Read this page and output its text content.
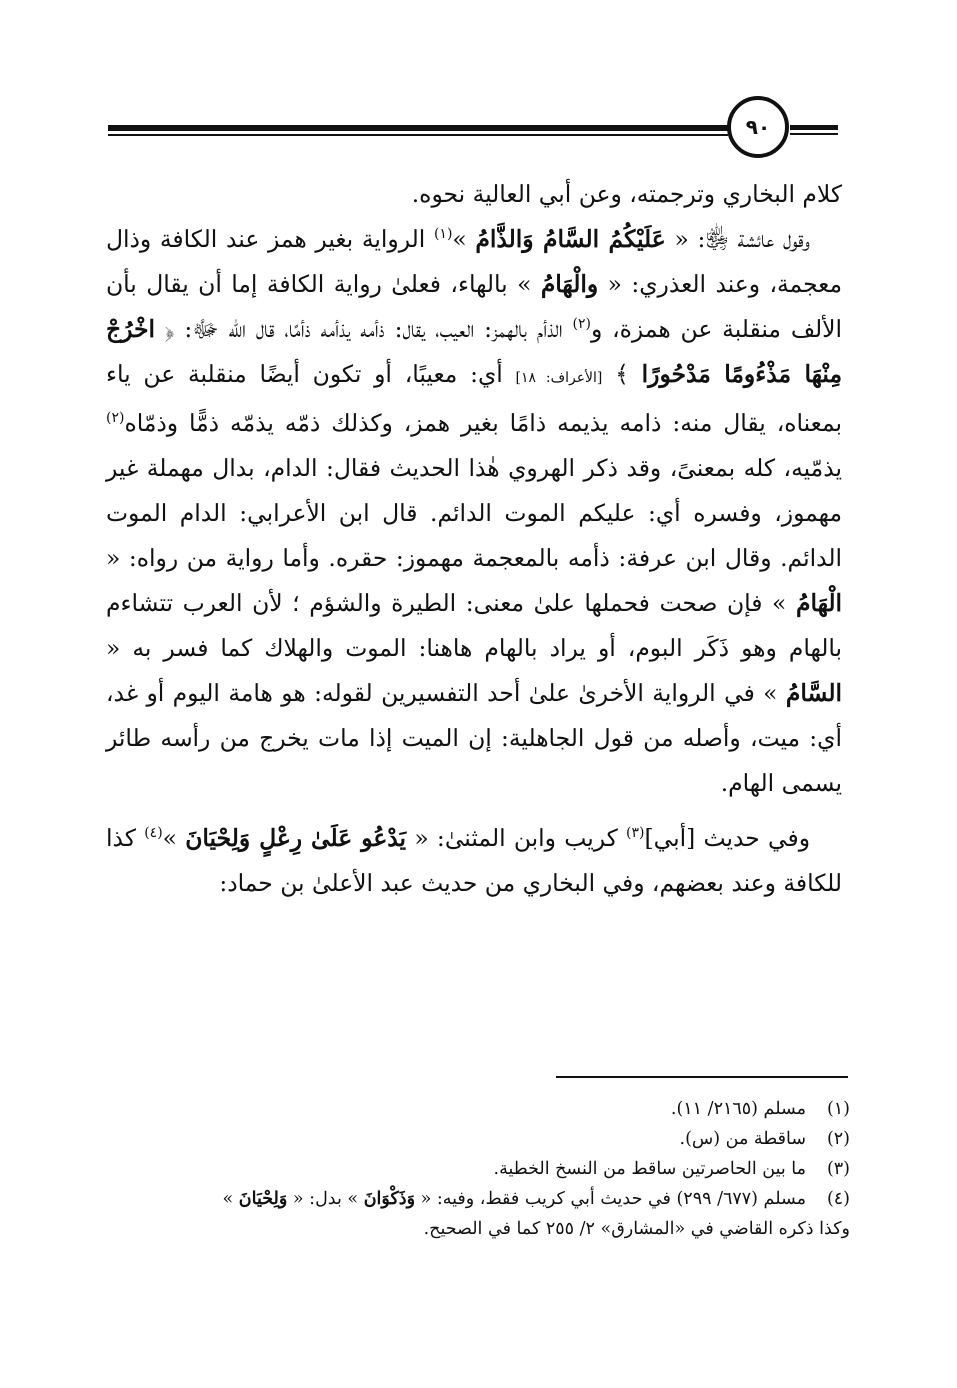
٩٠

كلام البخاري وترجمته، وعن أبي العالية نحوه.

وقول عائشة ﵂: « عَلَيْكُمُ السَّامُ وَالذَّامُ »$^{(١)}$ الرواية بغير همز عند الكافة وذال معجمة، وعند العذري: « والْهَامُ » بالهاء، فعلىٰ رواية الكافة إما أن يقال بأن الألف منقلبة عن همزة، و$^{(٢)}$ الذأم بالهمز: العيب، يقال: ذأمه يذأمه ذأمًا، قال الله ﷻ: ﴿ اخْرُجْ مِنْهَا مَذْءُومًا مَدْحُورًا ﴾ [الأعراف: ١٨] أي: معيبًا، أو تكون أيضًا منقلبة عن ياء بمعناه، يقال منه: ذامه يذيمه ذامًا بغير همز، وكذلك ذمّه يذمّه ذمًّا وذمّاه$^{(٢)}$ يذمّيه، كله بمعنىً، وقد ذكر الهروي هٰذا الحديث فقال: الدام، بدال مهملة غير مهموز، وفسره أي: عليكم الموت الدائم. قال ابن الأعرابي: الدام الموت الدائم. وقال ابن عرفة: ذأمه بالمعجمة مهموز: حقره. وأما رواية من رواه: « الْهَامُ » فإن صحت فحملها علىٰ معنى: الطيرة والشؤم ؛ لأن العرب تتشاءم بالهام وهو ذَكَر البوم، أو يراد بالهام هاهنا: الموت والهلاك كما فسر به « السَّامُ » في الرواية الأخرىٰ علىٰ أحد التفسيرين لقوله: هو هامة اليوم أو غد، أي: ميت، وأصله من قول الجاهلية: إن الميت إذا مات يخرج من رأسه طائر يسمى الهام.

وفي حديث [أبي]$^{(٣)}$ كريب وابن المثنىٰ: « يَدْعُو عَلَىٰ رِعْلٍ وَلِحْيَانَ »$^{(٤)}$ كذا للكافة وعند بعضهم، وفي البخاري من حديث عبد الأعلىٰ بن حماد:

(١)
مسلم (٢١٦٥/ ١١).
(٢)
ساقطة من (س).
(٣)
ما بين الحاصرتين ساقط من النسخ الخطية.
(٤)
مسلم (٦٧٧/ ٢٩٩) في حديث أبي كريب فقط، وفيه: « وَذَكْوَانَ » بدل: « وَلِحْيَانَ »
وكذا ذكره القاضي في «المشارق» ٢/ ٢٥٥ كما في الصحيح.
